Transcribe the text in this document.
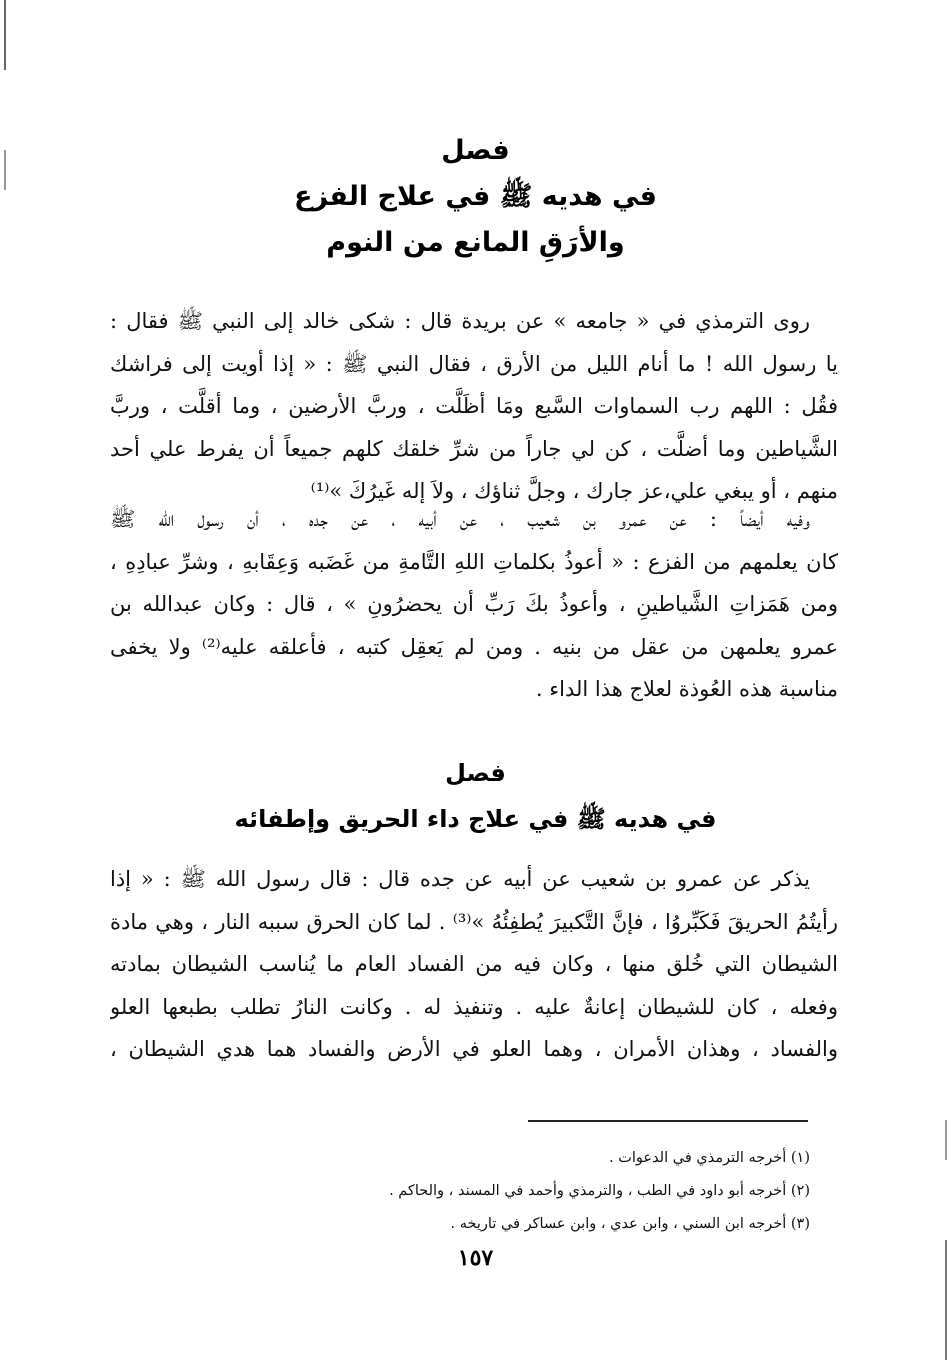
فصل
في هديه ﷺ في علاج الفزع
والأرَقِ المانع من النوم
روى الترمذي في « جامعه » عن بريدة قال : شكى خالد إلى النبي ﷺ فقال :
يا رسول الله ! ما أنام الليل من الأرق ، فقال النبي ﷺ : « إذا أويت إلى فراشك
فقُل : اللهم رب السماوات السَّبع ومَا أظَلَّت ، وربَّ الأرضين ، وما أقلَّت ، وربَّ
الشَّياطين وما أضلَّت ، كن لي جاراً من شرِّ خلقك كلهم جميعاً أن يفرط علي أحد
منهم ، أو يبغي علي،عز جارك ، وجلَّ ثناؤك ، ولاَ إله غَيرُكَ »⁽¹⁾
وفيه أيضاً : عن عمرو بن شعيب ، عن أبيه ، عن جده ، أن رسول الله ﷺ
كان يعلمهم من الفزع : « أعوذُ بكلماتِ اللهِ التَّامةِ من غَضَبه وَعِقَابهِ ، وشرِّ عبادِهِ ،
ومن هَمَزاتِ الشَّياطينِ ، وأعوذُ بكَ رَبِّ أن يحضرُونِ » ، قال : وكان عبدالله بن
عمرو يعلمهن من عقل من بنيه . ومن لم يَعقِل كتبه ، فأعلقه عليه⁽²⁾ ولا يخفى
مناسبة هذه العُوذة لعلاج هذا الداء .
فصل
في هديه ﷺ في علاج داء الحريق وإطفائه
يذكر عن عمرو بن شعيب عن أبيه عن جده قال : قال رسول الله ﷺ : « إذا
رأيتُمُ الحريقَ فَكَبِّروُا ، فإنَّ التَّكبيرَ يُطفِئُهُ »⁽³⁾ . لما كان الحرق سببه النار ، وهي مادة
الشيطان التي خُلق منها ، وكان فيه من الفساد العام ما يُناسب الشيطان بمادته
وفعله ، كان للشيطان إعانةٌ عليه . وتنفيذ له . وكانت النارُ تطلب بطبعها العلو
والفساد ، وهذان الأمران ، وهما العلو في الأرض والفساد هما هدي الشيطان ،
(١) أخرجه الترمذي في الدعوات .
(٢) أخرجه أبو داود في الطب ، والترمذي وأحمد في المسند ، والحاكم .
(٣) أخرجه ابن السني ، وابن عدي ، وابن عساكر في تاريخه .
١٥٧
